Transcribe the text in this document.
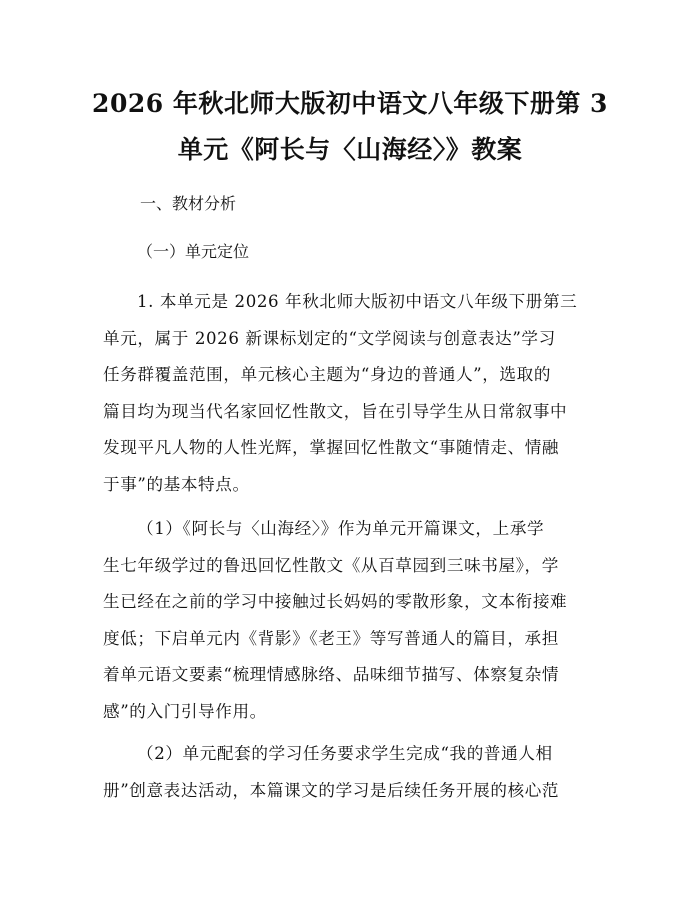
2026 年秋北师大版初中语文八年级下册第 3
单元《阿长与〈山海经〉》教案
一、教材分析
（一）单元定位
1. 本单元是 2026 年秋北师大版初中语文八年级下册第三
单元，属于 2026 新课标划定的“文学阅读与创意表达”学习
任务群覆盖范围，单元核心主题为“身边的普通人”，选取的
篇目均为现当代名家回忆性散文，旨在引导学生从日常叙事中
发现平凡人物的人性光辉，掌握回忆性散文“事随情走、情融
于事”的基本特点。
（1）《阿长与〈山海经〉》作为单元开篇课文，上承学
生七年级学过的鲁迅回忆性散文《从百草园到三味书屋》，学
生已经在之前的学习中接触过长妈妈的零散形象，文本衔接难
度低；下启单元内《背影》《老王》等写普通人的篇目，承担
着单元语文要素“梳理情感脉络、品味细节描写、体察复杂情
感”的入门引导作用。
（2）单元配套的学习任务要求学生完成“我的普通人相
册”创意表达活动，本篇课文的学习是后续任务开展的核心范
